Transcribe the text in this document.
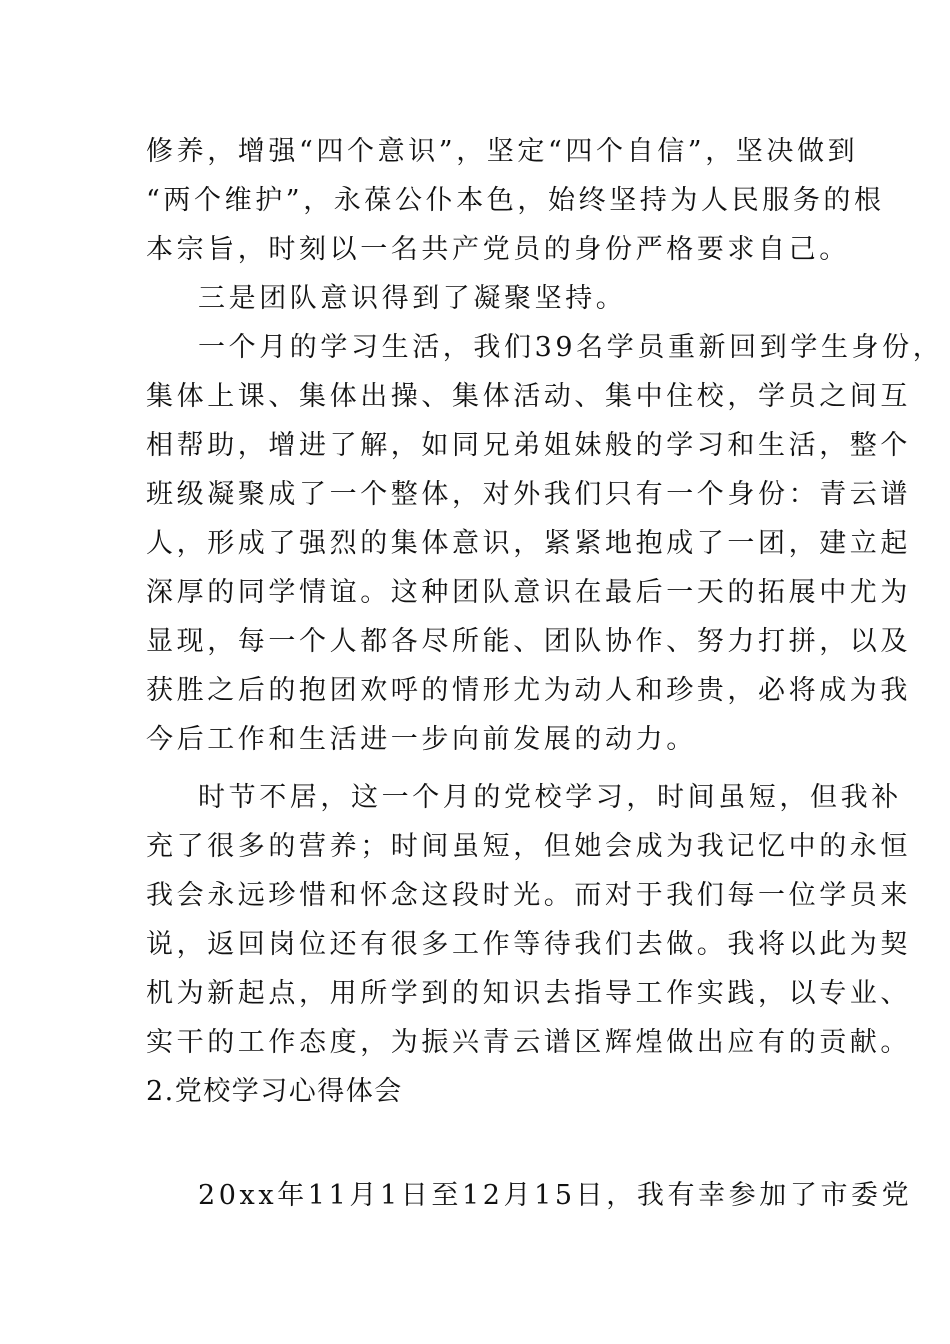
修养，增强“四个意识”，坚定“四个自信”，坚决做到
“两个维护”，永葆公仆本色，始终坚持为人民服务的根
本宗旨，时刻以一名共产党员的身份严格要求自己。
三是团队意识得到了凝聚坚持。
一个月的学习生活，我们39名学员重新回到学生身份，
集体上课、集体出操、集体活动、集中住校，学员之间互
相帮助，增进了解，如同兄弟姐妹般的学习和生活，整个
班级凝聚成了一个整体，对外我们只有一个身份：青云谱
人，形成了强烈的集体意识，紧紧地抱成了一团，建立起
深厚的同学情谊。这种团队意识在最后一天的拓展中尤为
显现，每一个人都各尽所能、团队协作、努力打拼，以及
获胜之后的抱团欢呼的情形尤为动人和珍贵，必将成为我
今后工作和生活进一步向前发展的动力。
时节不居，这一个月的党校学习，时间虽短，但我补
充了很多的营养；时间虽短，但她会成为我记忆中的永恒
我会永远珍惜和怀念这段时光。而对于我们每一位学员来
说，返回岗位还有很多工作等待我们去做。我将以此为契
机为新起点，用所学到的知识去指导工作实践，以专业、
实干的工作态度，为振兴青云谱区辉煌做出应有的贡献。
2.党校学习心得体会
20xx年11月1日至12月15日，我有幸参加了市委党
